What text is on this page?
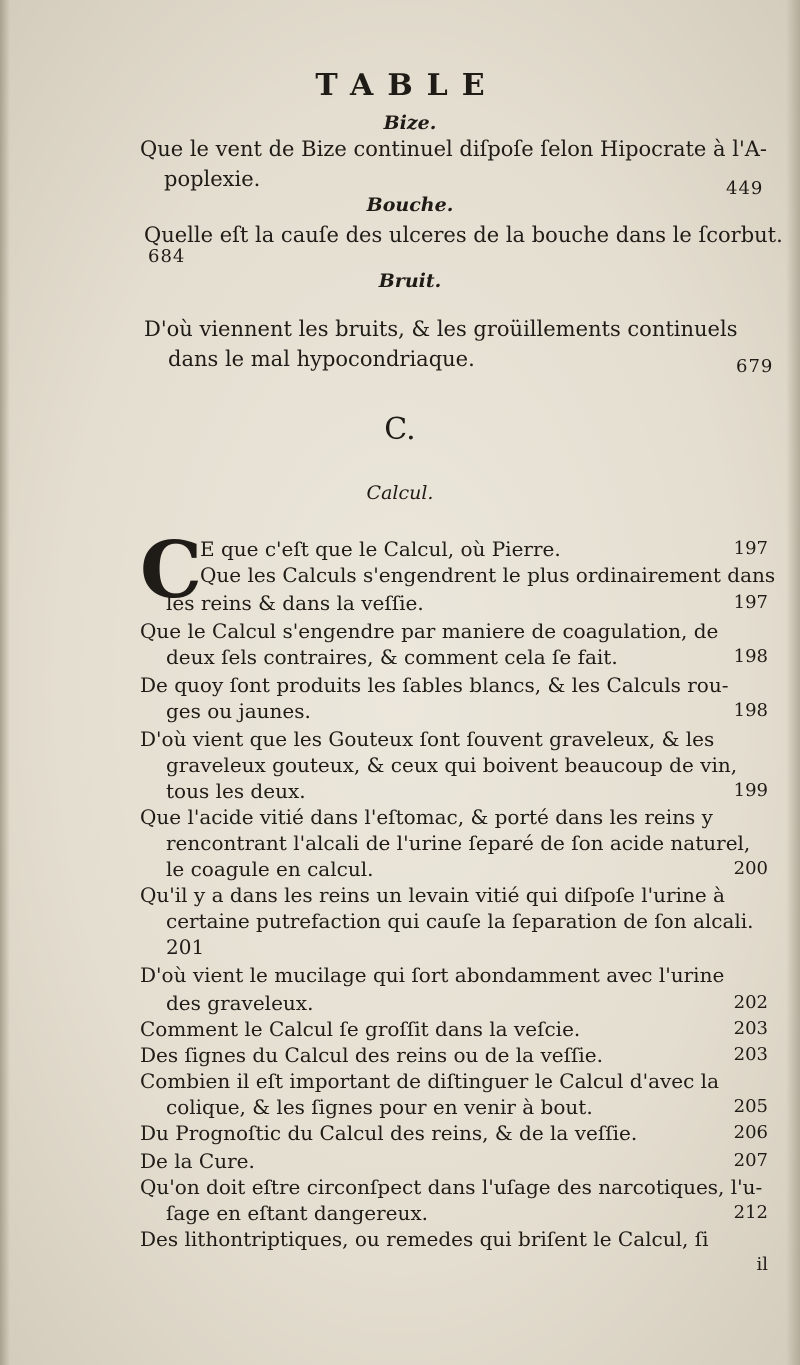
TABLE
Bize.
Que le vent de Bize continuel diſpoſe ſelon Hipocrate à l'A-
poplexie.	449
Bouche.
Quelle eſt la cauſe des ulceres de la bouche dans le ſcorbut.
684
Bruit.
D'où viennent les bruits, & les groüillements continuels
dans le mal hypocondriaque.	679
C.
Calcul.
C
E que c'eſt que le Calcul, où Pierre.	197
Que les Calculs s'engendrent le plus ordinairement dans
les reins & dans la veſſie.	197
Que le Calcul s'engendre par maniere de coagulation, de
deux ſels contraires, & comment cela ſe fait.	198
De quoy ſont produits les ſables blancs, & les Calculs rou-
ges ou jaunes.	198
D'où vient que les Gouteux ſont ſouvent graveleux, & les
graveleux gouteux, & ceux qui boivent beaucoup de vin,
tous les deux.	199
Que l'acide vitié dans l'eſtomac, & porté dans les reins y
rencontrant l'alcali de l'urine ſeparé de ſon acide naturel,
le coagule en calcul.	200
Qu'il y a dans les reins un levain vitié qui diſpoſe l'urine à
certaine putrefaction qui cauſe la ſeparation de ſon alcali.
201
D'où vient le mucilage qui ſort abondamment avec l'urine
des graveleux.	202
Comment le Calcul ſe groſſit dans la veſcie.	203
Des ſignes du Calcul des reins ou de la veſſie.	203
Combien il eſt important de diſtinguer le Calcul d'avec la
colique, & les ſignes pour en venir à bout.	205
Du Prognoſtic du Calcul des reins, & de la veſſie.	206
De la Cure.	207
Qu'on doit eſtre circonſpect dans l'uſage des narcotiques, l'u-
ſage en eſtant dangereux.	212
Des lithontriptiques, ou remedes qui briſent le Calcul, ſi
il
